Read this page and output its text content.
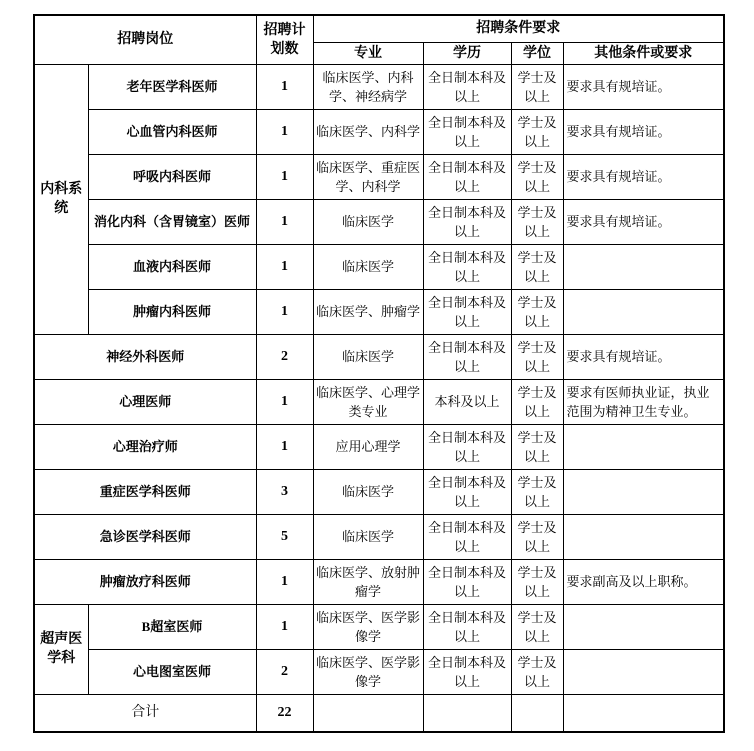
招聘岗位		招聘计划数	招聘条件要求			
			专业	学历	学位	其他条件或要求
内科系统	老年医学科医师	1	临床医学、内科学、神经病学	全日制本科及以上	学士及以上	要求具有规培证。
	心血管内科医师	1	临床医学、内科学	全日制本科及以上	学士及以上	要求具有规培证。
	呼吸内科医师	1	临床医学、重症医学、内科学	全日制本科及以上	学士及以上	要求具有规培证。
	消化内科（含胃镜室）医师	1	临床医学	全日制本科及以上	学士及以上	要求具有规培证。
	血液内科医师	1	临床医学	全日制本科及以上	学士及以上	
	肿瘤内科医师	1	临床医学、肿瘤学	全日制本科及以上	学士及以上	
神经外科医师		2	临床医学	全日制本科及以上	学士及以上	要求具有规培证。
心理医师		1	临床医学、心理学类专业	本科及以上	学士及以上	要求有医师执业证，执业范围为精神卫生专业。
心理治疗师		1	应用心理学	全日制本科及以上	学士及以上	
重症医学科医师		3	临床医学	全日制本科及以上	学士及以上	
急诊医学科医师		5	临床医学	全日制本科及以上	学士及以上	
肿瘤放疗科医师		1	临床医学、放射肿瘤学	全日制本科及以上	学士及以上	要求副高及以上职称。
超声医学科	B超室医师	1	临床医学、医学影像学	全日制本科及以上	学士及以上	
	心电图室医师	2	临床医学、医学影像学	全日制本科及以上	学士及以上	
合计		22				
